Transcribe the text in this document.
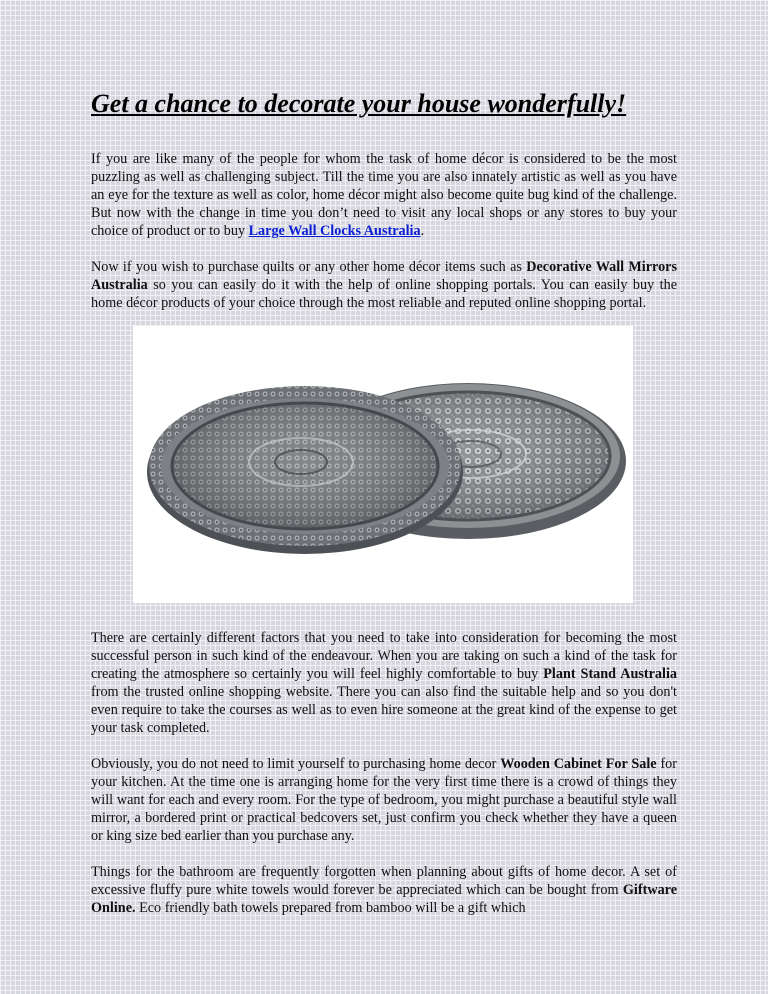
Get a chance to decorate your house wonderfully!

If you are like many of the people for whom the task of home décor is considered to be the most puzzling as well as challenging subject. Till the time you are also innately artistic as well as you have an eye for the texture as well as color, home décor might also become quite bug kind of the challenge. But now with the change in time you don’t need to visit any local shops or any stores to buy your choice of product or to buy Large Wall Clocks Australia.

Now if you wish to purchase quilts or any other home décor items such as Decorative Wall Mirrors Australia so you can easily do it with the help of online shopping portals. You can easily buy the home décor products of your choice through the most reliable and reputed online shopping portal.

There are certainly different factors that you need to take into consideration for becoming the most successful person in such kind of the endeavour. When you are taking on such a kind of the task for creating the atmosphere so certainly you will feel highly comfortable to buy Plant Stand Australia from the trusted online shopping website. There you can also find the suitable help and so you don't even require to take the courses as well as to even hire someone at the great kind of the expense to get your task completed.

Obviously, you do not need to limit yourself to purchasing home decor Wooden Cabinet For Sale for your kitchen. At the time one is arranging home for the very first time there is a crowd of things they will want for each and every room. For the type of bedroom, you might purchase a beautiful style wall mirror, a bordered print or practical bedcovers set, just confirm you check whether they have a queen or king size bed earlier than you purchase any.

Things for the bathroom are frequently forgotten when planning about gifts of home decor. A set of excessive fluffy pure white towels would forever be appreciated which can be bought from Giftware Online. Eco friendly bath towels prepared from bamboo will be a gift which
